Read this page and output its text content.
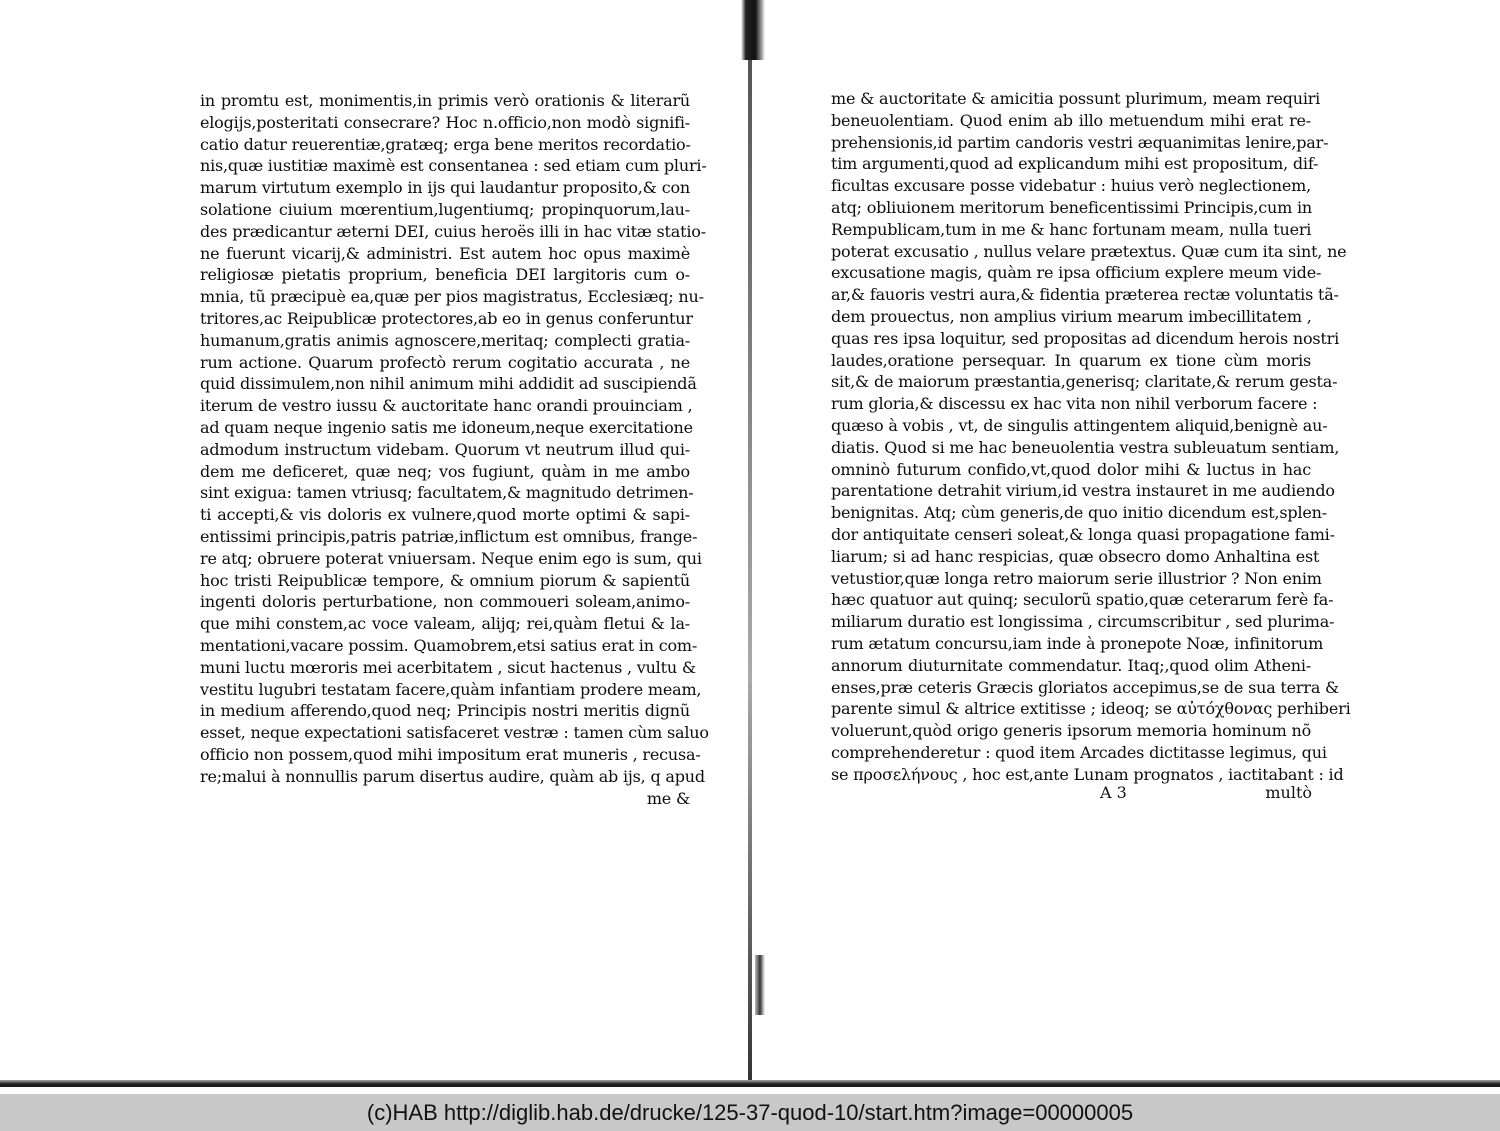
in promtu est, monimentis,in primis verò orationis & literarũ
elogijs,posteritati consecrare? Hoc n.officio,non modò signifi-
catio datur reuerentiæ,gratæq; erga bene meritos recordatio-
nis,quæ iustitiæ maximè est consentanea : sed etiam cum pluri-
marum virtutum exemplo in ijs qui laudantur proposito,& con
solatione ciuium mœrentium,lugentiumq; propinquorum,lau-
des prædicantur æterni DEI, cuius heroës illi in hac vitæ statio-
ne fuerunt vicarij,& administri. Est autem hoc opus maximè
religiosæ pietatis proprium, beneficia DEI largitoris cum o-
mnia, tũ præcipuè ea,quæ per pios magistratus, Ecclesiæq; nu-
tritores,ac Reipublicæ protectores,ab eo in genus conferuntur
humanum,gratis animis agnoscere,meritaq; complecti gratia-
rum actione. Quarum profectò rerum cogitatio accurata , ne
quid dissimulem,non nihil animum mihi addidit ad suscipiendã
iterum de vestro iussu & auctoritate hanc orandi prouinciam ,
ad quam neque ingenio satis me idoneum,neque exercitatione
admodum instructum videbam. Quorum vt neutrum illud qui-
dem me deficeret, quæ neq; vos fugiunt, quàm in me ambo
sint exigua: tamen vtriusq; facultatem,& magnitudo detrimen-
ti accepti,& vis doloris ex vulnere,quod morte optimi & sapi-
entissimi principis,patris patriæ,inflictum est omnibus, frange-
re atq; obruere poterat vniuersam. Neque enim ego is sum, qui
hoc tristi Reipublicæ tempore, & omnium piorum & sapientũ
ingenti doloris perturbatione, non commoueri soleam,animo-
que mihi constem,ac voce valeam, alijq; rei,quàm fletui & la-
mentationi,vacare possim. Quamobrem,etsi satius erat in com-
muni luctu mœroris mei acerbitatem , sicut hactenus , vultu &
vestitu lugubri testatam facere,quàm infantiam prodere meam,
in medium afferendo,quod neq; Principis nostri meritis dignũ
esset, neque expectationi satisfaceret vestræ : tamen cùm saluo
officio non possem,quod mihi impositum erat muneris , recusa-
re;malui à nonnullis parum disertus audire, quàm ab ijs, q apud
me &
me & auctoritate & amicitia possunt plurimum, meam requiri
beneuolentiam. Quod enim ab illo metuendum mihi erat re-
prehensionis,id partim candoris vestri æquanimitas lenire,par-
tim argumenti,quod ad explicandum mihi est propositum, dif-
ficultas excusare posse videbatur : huius verò neglectionem,
atq; obliuionem meritorum beneficentissimi Principis,cum in
Rempublicam,tum in me & hanc fortunam meam, nulla tueri
poterat excusatio , nullus velare prætextus. Quæ cum ita sint, ne
excusatione magis, quàm re ipsa officium explere meum vide-
ar,& fauoris vestri aura,& fidentia præterea rectæ voluntatis tã-
dem prouectus, non amplius virium mearum imbecillitatem ,
quas res ipsa loquitur, sed propositas ad dicendum herois nostri
laudes,oratione persequar. In quarum ex tione cùm moris
sit,& de maiorum præstantia,generisq; claritate,& rerum gesta-
rum gloria,& discessu ex hac vita non nihil verborum facere :
quæso à vobis , vt, de singulis attingentem aliquid,benignè au-
diatis. Quod si me hac beneuolentia vestra subleuatum sentiam,
omninò futurum confido,vt,quod dolor mihi & luctus in hac
parentatione detrahit virium,id vestra instauret in me audiendo
benignitas. Atq; cùm generis,de quo initio dicendum est,splen-
dor antiquitate censeri soleat,& longa quasi propagatione fami-
liarum; si ad hanc respicias, quæ obsecro domo Anhaltina est
vetustior,quæ longa retro maiorum serie illustrior ? Non enim
hæc quatuor aut quinq; seculorũ spatio,quæ ceterarum ferè fa-
miliarum duratio est longissima , circumscribitur , sed plurima-
rum ætatum concursu,iam inde à pronepote Noæ, infinitorum
annorum diuturnitate commendatur. Itaq;,quod olim Atheni-
enses,præ ceteris Græcis gloriatos accepimus,se de sua terra &
parente simul & altrice extitisse ; ideoq; se αὐτόχθονας perhiberi
voluerunt,quòd origo generis ipsorum memoria hominum nõ
comprehenderetur : quod item Arcades dictitasse legimus, qui
se προσελήνους , hoc est,ante Lunam prognatos , iactitabant : id
A 3	multò
(c)HAB http://diglib.hab.de/drucke/125-37-quod-10/start.htm?image=00000005
